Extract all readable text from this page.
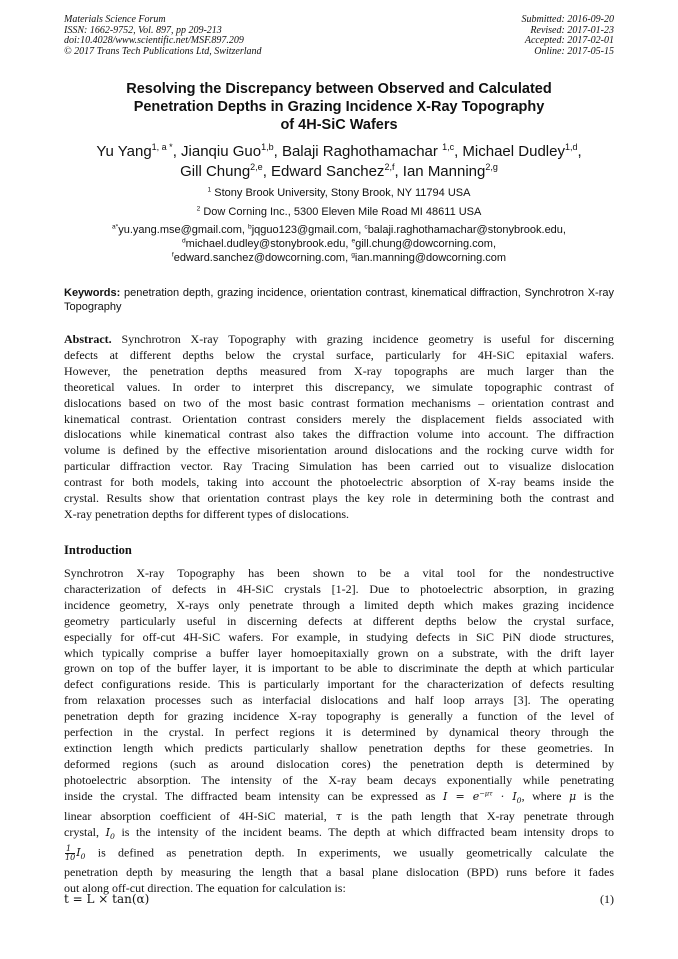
Materials Science Forum
ISSN: 1662-9752, Vol. 897, pp 209-213
doi:10.4028/www.scientific.net/MSF.897.209
© 2017 Trans Tech Publications Ltd, Switzerland
Submitted: 2016-09-20
Revised: 2017-01-23
Accepted: 2017-02-01
Online: 2017-05-15
Resolving the Discrepancy between Observed and Calculated
Penetration Depths in Grazing Incidence X-Ray Topography
of 4H-SiC Wafers
Yu Yang$^{1, a *}$, Jianqiu Guo$^{1,b}$, Balaji Raghothamachar $^{1,c}$, Michael Dudley$^{1,d}$,
Gill Chung$^{2,e}$, Edward Sanchez$^{2,f}$, Ian Manning$^{2,g}$
$^1$ Stony Brook University, Stony Brook, NY 11794 USA
$^2$ Dow Corning Inc., 5300 Eleven Mile Road MI 48611 USA
$^{a*}$yu.yang.mse@gmail.com, $^b$jqguo123@gmail.com, $^c$balaji.raghothamachar@stonybrook.edu,
$^d$michael.dudley@stonybrook.edu, $^e$gill.chung@dowcorning.com,
$^f$edward.sanchez@dowcorning.com, $^g$ian.manning@dowcorning.com
Keywords: penetration depth, grazing incidence, orientation contrast, kinematical diffraction, Synchrotron X-ray Topography
Abstract. Synchrotron X-ray Topography with grazing incidence geometry is useful for discerning
defects at different depths below the crystal surface, particularly for 4H-SiC epitaxial wafers.
However, the penetration depths measured from X-ray topographs are much larger than the
theoretical values. In order to interpret this discrepancy, we simulate topographic contrast of
dislocations based on two of the most basic contrast formation mechanisms – orientation contrast and
kinematical contrast. Orientation contrast considers merely the displacement fields associated with
dislocations while kinematical contrast also takes the diffraction volume into account. The diffraction
volume is defined by the effective misorientation around dislocations and the rocking curve width for
particular diffraction vector. Ray Tracing Simulation has been carried out to visualize dislocation
contrast for both models, taking into account the photoelectric absorption of X-ray beams inside the
crystal. Results show that orientation contrast plays the key role in determining both the contrast and
X-ray penetration depths for different types of dislocations.
Introduction
Synchrotron X-ray Topography has been shown to be a vital tool for the nondestructive
characterization of defects in 4H-SiC crystals [1-2]. Due to photoelectric absorption, in grazing
incidence geometry, X-rays only penetrate through a limited depth which makes grazing incidence
geometry particularly useful in discerning defects at different depths below the crystal surface,
especially for off-cut 4H-SiC wafers. For example, in studying defects in SiC PiN diode structures,
which typically comprise a buffer layer homoepitaxially grown on a substrate, with the drift layer
grown on top of the buffer layer, it is important to be able to discriminate the depth at which particular
defect configurations reside. This is particularly important for the characterization of defects resulting
from relaxation processes such as interfacial dislocations and half loop arrays [3]. The operating
penetration depth for grazing incidence X-ray topography is generally a function of the level of
perfection in the crystal. In perfect regions it is determined by dynamical theory through the
extinction length which predicts particularly shallow penetration depths for these geometries. In
deformed regions (such as around dislocation cores) the penetration depth is determined by
photoelectric absorption. The intensity of the X-ray beam decays exponentially while penetrating
inside the crystal. The diffracted beam intensity can be expressed as $I = e^{-\mu\tau} \cdot I_0$, where μ is the
linear absorption coefficient of 4H-SiC material, τ is the path length that X-ray penetrate through
crystal, $I_0$ is the intensity of the incident beams. The depth at which diffracted beam intensity drops to
$\frac{1}{10} I_0$ is defined as penetration depth. In experiments, we usually geometrically calculate the
penetration depth by measuring the length that a basal plane dislocation (BPD) runs before it fades
out along off-cut direction. The equation for calculation is:
t = L × tan(α)	(1)
